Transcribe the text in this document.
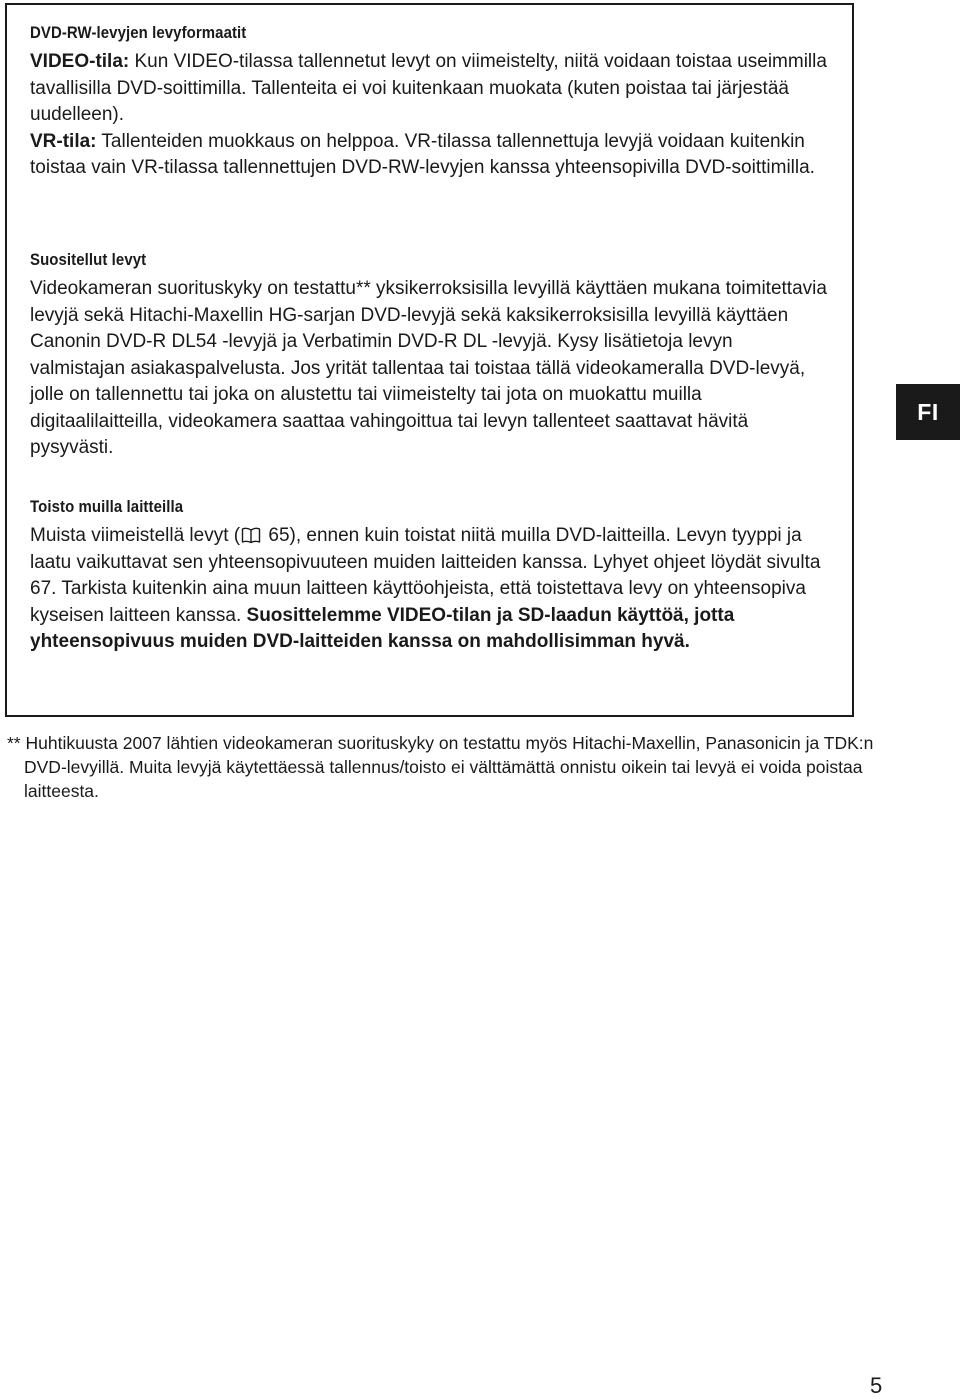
DVD-RW-levyjen levyformaatit

VIDEO-tila: Kun VIDEO-tilassa tallennetut levyt on viimeistelty, niitä voidaan toistaa useimmilla tavallisilla DVD-soittimilla. Tallenteita ei voi kuitenkaan muokata (kuten poistaa tai järjestää uudelleen).

VR-tila: Tallenteiden muokkaus on helppoa. VR-tilassa tallennettuja levyjä voidaan kuitenkin toistaa vain VR-tilassa tallennettujen DVD-RW-levyjen kanssa yhteensopivilla DVD-soittimilla.

Suositellut levyt

Videokameran suorituskyky on testattu** yksikerroksisilla levyillä käyttäen mukana toimitettavia levyjä sekä Hitachi-Maxellin HG-sarjan DVD-levyjä sekä kaksikerroksisilla levyillä käyttäen Canonin DVD-R DL54 -levyjä ja Verbatimin DVD-R DL -levyjä. Kysy lisätietoja levyn valmistajan asiakaspalvelusta. Jos yrität tallentaa tai toistaa tällä videokameralla DVD-levyä, jolle on tallennettu tai joka on alustettu tai viimeistelty tai jota on muokattu muilla digitaalilaitteilla, videokamera saattaa vahingoittua tai levyn tallenteet saattavat hävitä pysyvästi.

Toisto muilla laitteilla

Muista viimeistellä levyt ( 65), ennen kuin toistat niitä muilla DVD-laitteilla. Levyn tyyppi ja laatu vaikuttavat sen yhteensopivuuteen muiden laitteiden kanssa. Lyhyet ohjeet löydät sivulta 67. Tarkista kuitenkin aina muun laitteen käyttöohjeista, että toistettava levy on yhteensopiva kyseisen laitteen kanssa. Suosittelemme VIDEO-tilan ja SD-laadun käyttöä, jotta yhteensopivuus muiden DVD-laitteiden kanssa on mahdollisimman hyvä.

FI

** Huhtikuusta 2007 lähtien videokameran suorituskyky on testattu myös Hitachi-Maxellin, Panasonicin ja TDK:n DVD-levyillä. Muita levyjä käytettäessä tallennus/toisto ei välttämättä onnistu oikein tai levyä ei voida poistaa laitteesta.

5
